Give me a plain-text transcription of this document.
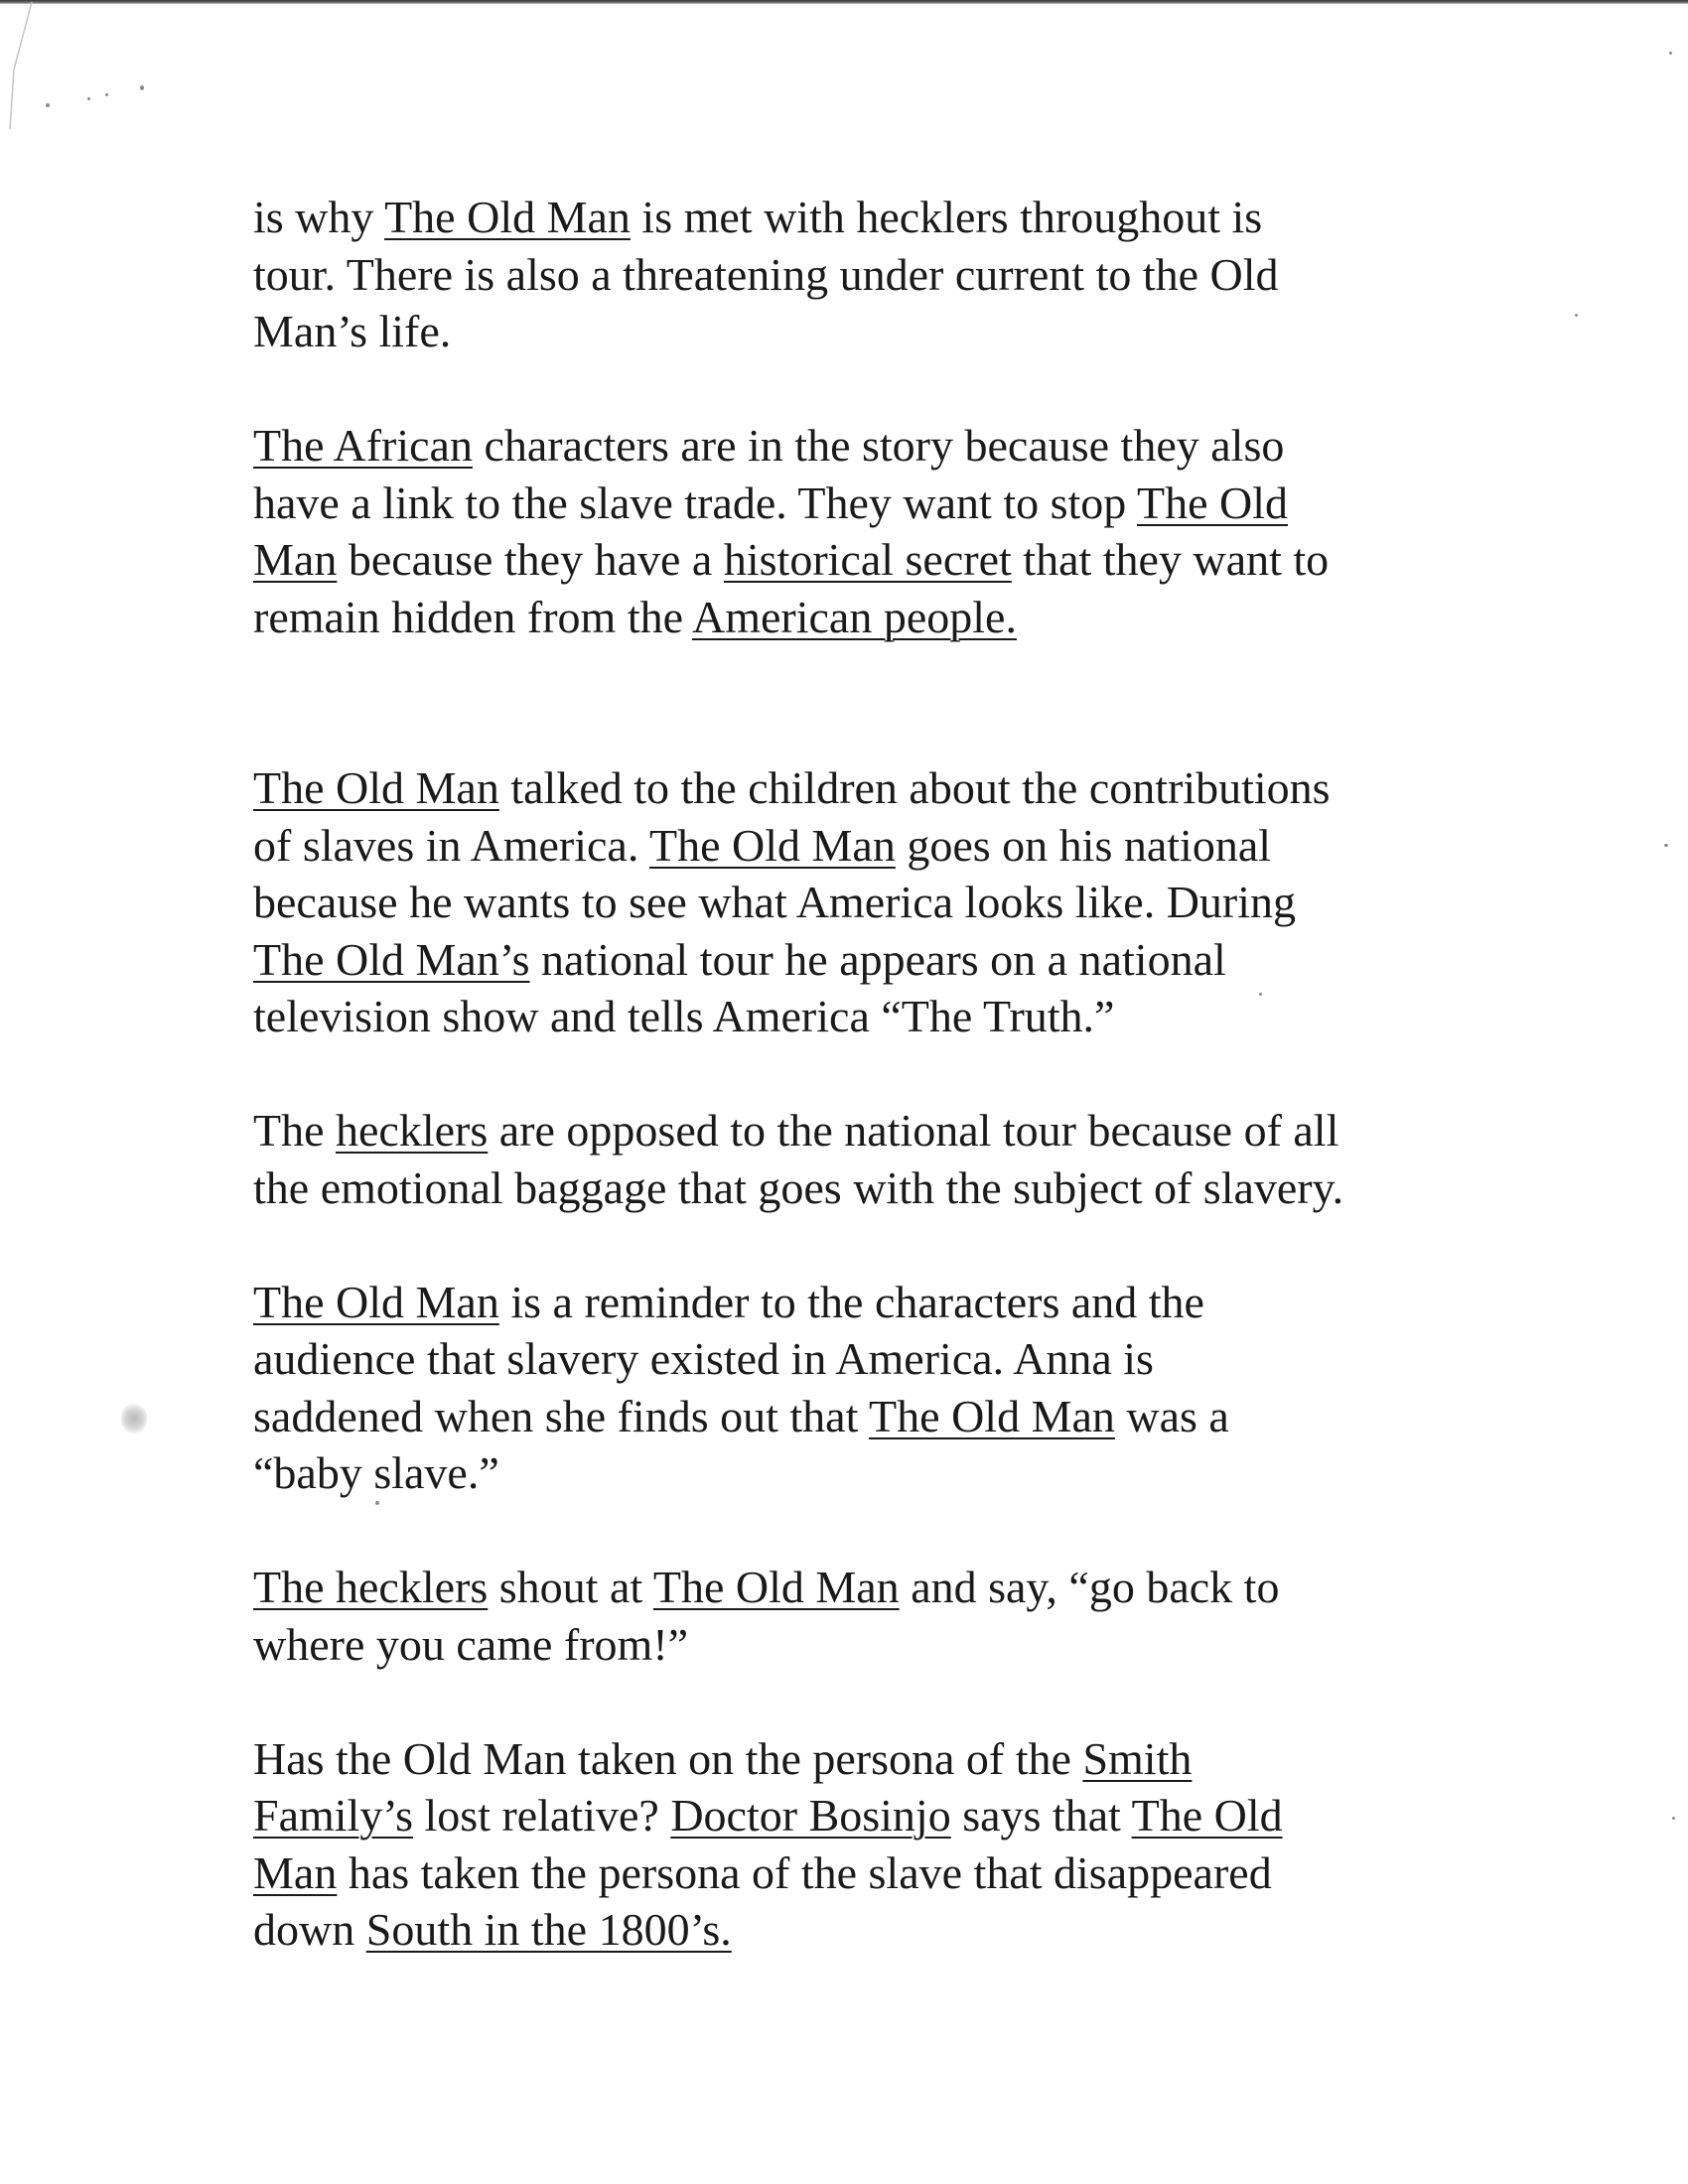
is why The Old Man is met with hecklers throughout is
tour. There is also a threatening under current to the Old
Man’s life.

The African characters are in the story because they also
have a link to the slave trade. They want to stop The Old
Man because they have a historical secret that they want to
remain hidden from the American people.

The Old Man talked to the children about the contributions
of slaves in America. The Old Man goes on his national
because he wants to see what America looks like. During
The Old Man’s national tour he appears on a national
television show and tells America “The Truth.”

The hecklers are opposed to the national tour because of all
the emotional baggage that goes with the subject of slavery.

The Old Man is a reminder to the characters and the
audience that slavery existed in America. Anna is
saddened when she finds out that The Old Man was a
“baby slave.”

The hecklers shout at The Old Man and say, “go back to
where you came from!”

Has the Old Man taken on the persona of the Smith
Family’s lost relative? Doctor Bosinjo says that The Old
Man has taken the persona of the slave that disappeared
down South in the 1800’s.
